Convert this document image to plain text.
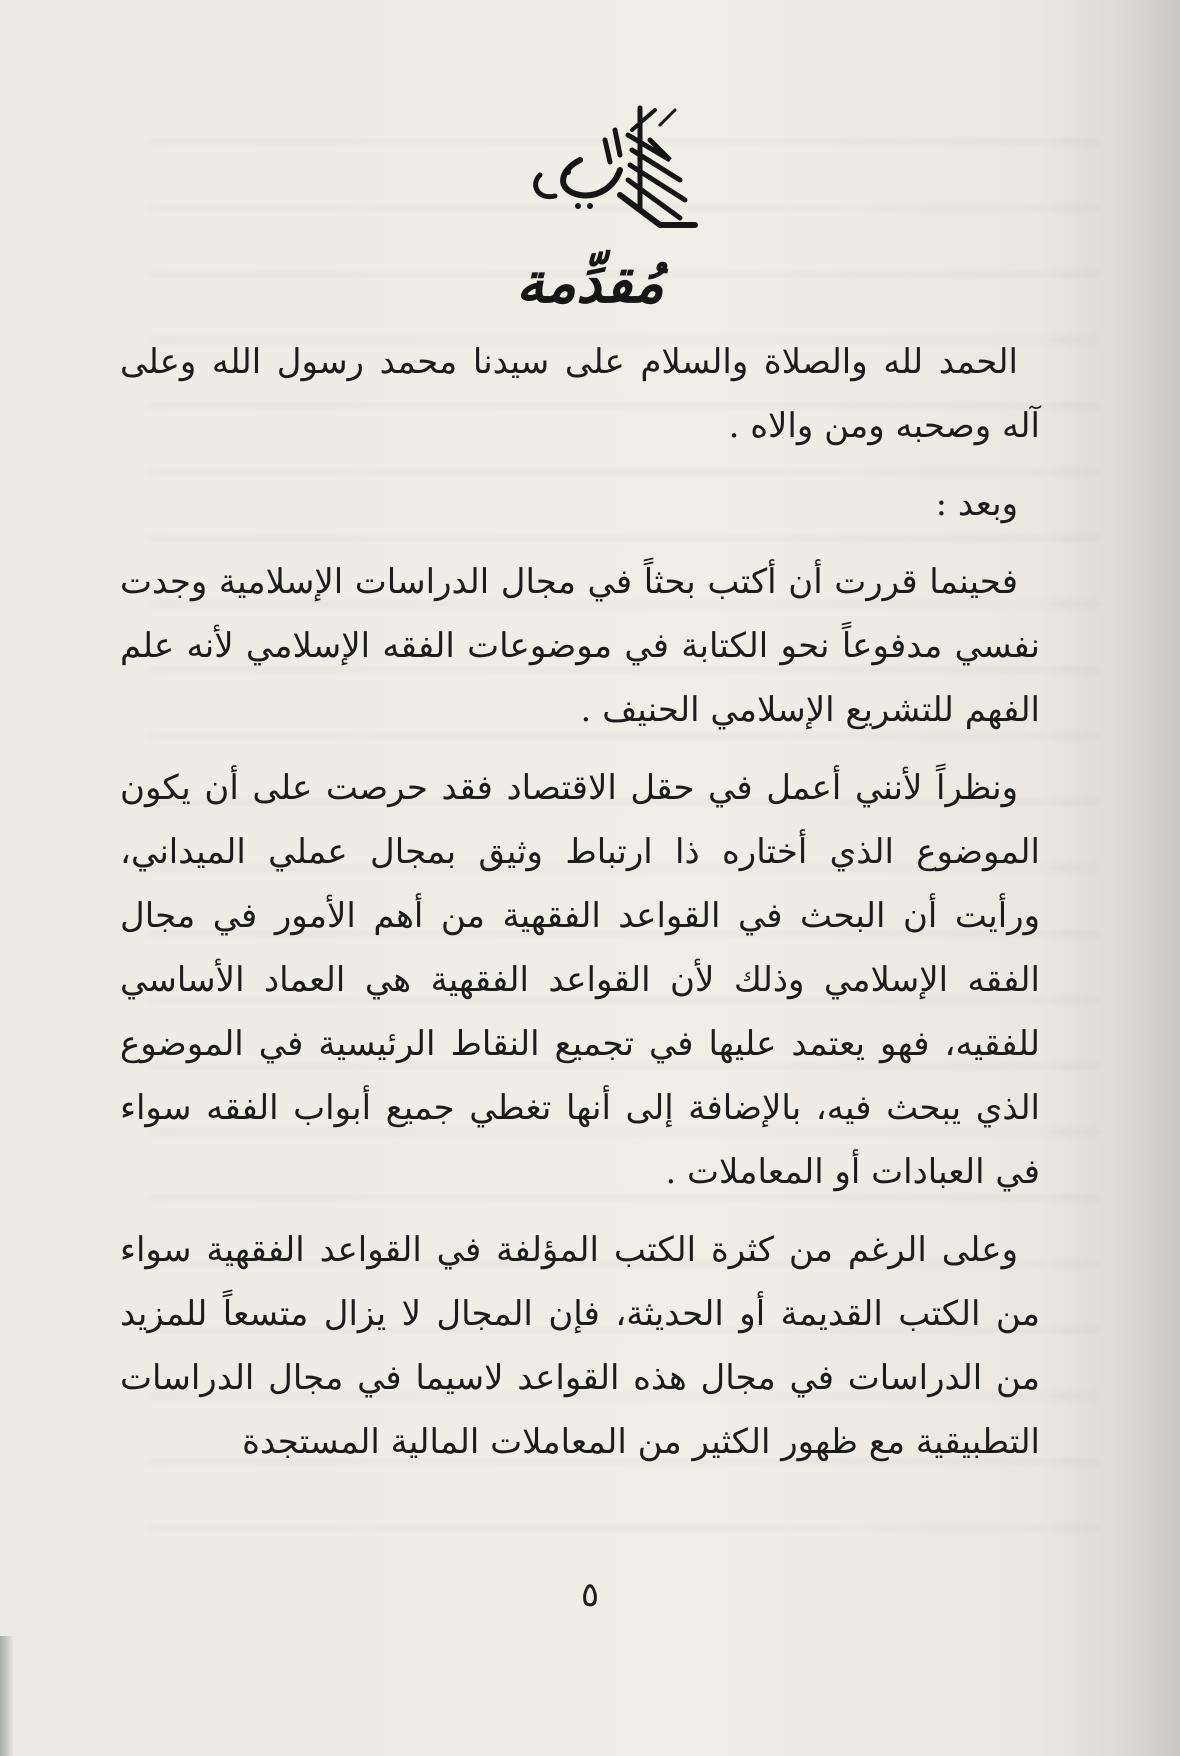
مُقدِّمة

الحمد لله والصلاة والسلام على سيدنا محمد رسول الله وعلى آله وصحبه ومن والاه .

وبعد :

فحينما قررت أن أكتب بحثاً في مجال الدراسات الإسلامية وجدت نفسي مدفوعاً نحو الكتابة في موضوعات الفقه الإسلامي لأنه علم الفهم للتشريع الإسلامي الحنيف .

ونظراً لأنني أعمل في حقل الاقتصاد فقد حرصت على أن يكون الموضوع الذي أختاره ذا ارتباط وثيق بمجال عملي الميداني، ورأيت أن البحث في القواعد الفقهية من أهم الأمور في مجال الفقه الإسلامي وذلك لأن القواعد الفقهية هي العماد الأساسي للفقيه، فهو يعتمد عليها في تجميع النقاط الرئيسية في الموضوع الذي يبحث فيه، بالإضافة إلى أنها تغطي جميع أبواب الفقه سواء في العبادات أو المعاملات .

وعلى الرغم من كثرة الكتب المؤلفة في القواعد الفقهية سواء من الكتب القديمة أو الحديثة، فإن المجال لا يزال متسعاً للمزيد من الدراسات في مجال هذه القواعد لاسيما في مجال الدراسات التطبيقية مع ظهور الكثير من المعاملات المالية المستجدة

٥
